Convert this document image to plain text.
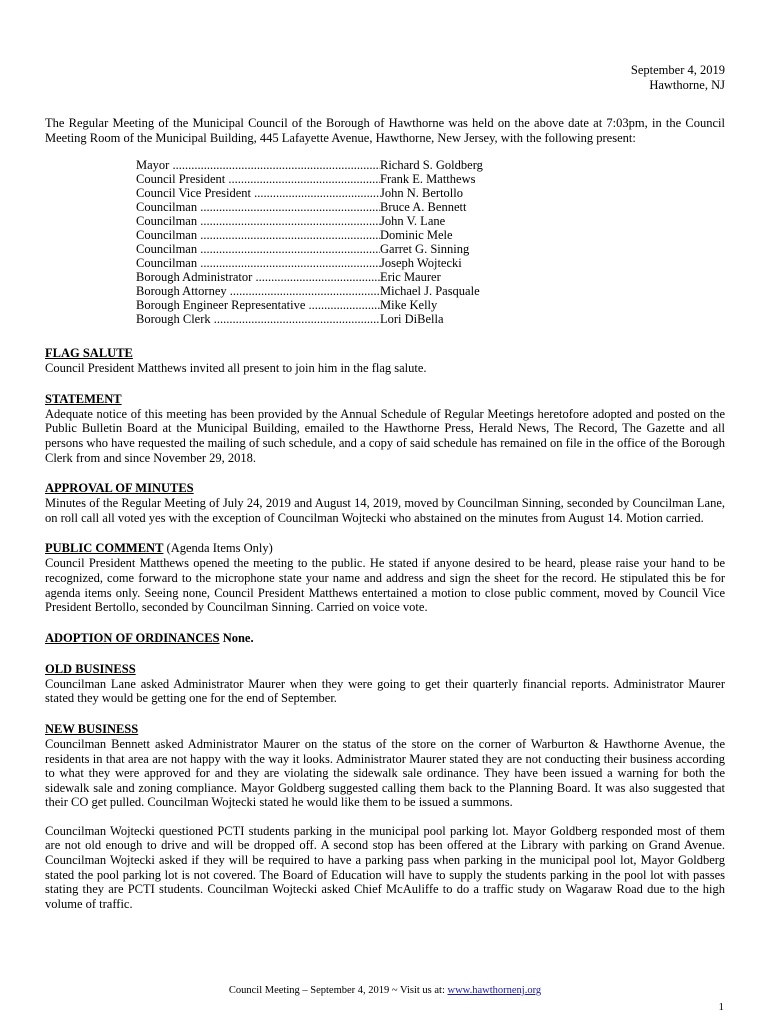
September 4, 2019
Hawthorne, NJ

The Regular Meeting of the Municipal Council of the Borough of Hawthorne was held on the above date at 7:03pm, in the Council Meeting Room of the Municipal Building, 445 Lafayette Avenue, Hawthorne, New Jersey, with the following present:

Mayor .....	Richard S. Goldberg
Council President .....	Frank E. Matthews
Council Vice President .....	John N. Bertollo
Councilman .....	Bruce A. Bennett
Councilman .....	John V. Lane
Councilman .....	Dominic Mele
Councilman .....	Garret G. Sinning
Councilman .....	Joseph Wojtecki
Borough Administrator .....	Eric Maurer
Borough Attorney .....	Michael J. Pasquale
Borough Engineer Representative .....	Mike Kelly
Borough Clerk .....	Lori DiBella
FLAG SALUTE

Council President Matthews invited all present to join him in the flag salute.

STATEMENT

Adequate notice of this meeting has been provided by the Annual Schedule of Regular Meetings heretofore adopted and posted on the Public Bulletin Board at the Municipal Building, emailed to the Hawthorne Press, Herald News, The Record, The Gazette and all persons who have requested the mailing of such schedule, and a copy of said schedule has remained on file in the office of the Borough Clerk from and since November 29, 2018.

APPROVAL OF MINUTES

Minutes of the Regular Meeting of July 24, 2019 and August 14, 2019, moved by Councilman Sinning, seconded by Councilman Lane, on roll call all voted yes with the exception of Councilman Wojtecki who abstained on the minutes from August 14. Motion carried.

PUBLIC COMMENT (Agenda Items Only)

Council President Matthews opened the meeting to the public. He stated if anyone desired to be heard, please raise your hand to be recognized, come forward to the microphone state your name and address and sign the sheet for the record. He stipulated this be for agenda items only. Seeing none, Council President Matthews entertained a motion to close public comment, moved by Council Vice President Bertollo, seconded by Councilman Sinning. Carried on voice vote.

ADOPTION OF ORDINANCES None.
OLD BUSINESS

Councilman Lane asked Administrator Maurer when they were going to get their quarterly financial reports. Administrator Maurer stated they would be getting one for the end of September.

NEW BUSINESS

Councilman Bennett asked Administrator Maurer on the status of the store on the corner of Warburton & Hawthorne Avenue, the residents in that area are not happy with the way it looks. Administrator Maurer stated they are not conducting their business according to what they were approved for and they are violating the sidewalk sale ordinance. They have been issued a warning for both the sidewalk sale and zoning compliance. Mayor Goldberg suggested calling them back to the Planning Board. It was also suggested that their CO get pulled. Councilman Wojtecki stated he would like them to be issued a summons.

Councilman Wojtecki questioned PCTI students parking in the municipal pool parking lot. Mayor Goldberg responded most of them are not old enough to drive and will be dropped off. A second stop has been offered at the Library with parking on Grand Avenue. Councilman Wojtecki asked if they will be required to have a parking pass when parking in the municipal pool lot, Mayor Goldberg stated the pool parking lot is not covered. The Board of Education will have to supply the students parking in the pool lot with passes stating they are PCTI students. Councilman Wojtecki asked Chief McAuliffe to do a traffic study on Wagaraw Road due to the high volume of traffic.

Council Meeting – September 4, 2019 ~ Visit us at: www.hawthornenj.org
1
